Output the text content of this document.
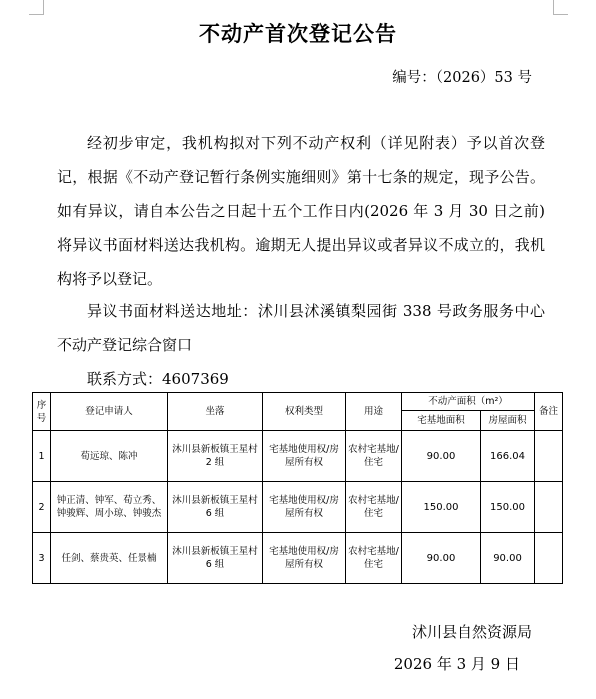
不动产首次登记公告
编号：（2026）53 号

经初步审定，我机构拟对下列不动产权利（详见附表）予以首次登记，根据《不动产登记暂行条例实施细则》第十七条的规定，现予公告。如有异议，请自本公告之日起十五个工作日内(2026 年 3 月 30 日之前)将异议书面材料送达我机构。逾期无人提出异议或者异议不成立的，我机构将予以登记。

异议书面材料送达地址：沭川县沭溪镇梨园街 338 号政务服务中心不动产登记综合窗口

联系方式：4607369

序号	登记申请人	坐落	权利类型	用途	不动产面积（m²）		备注
					宅基地面积	房屋面积	
1	荀远琼、陈冲	沐川县新板镇王星村 2 组	宅基地使用权/房屋所有权	农村宅基地/住宅	90.00	166.04	
2	钟正清、钟军、荀立秀、钟骏辉、周小琼、钟骏杰	沐川县新板镇王星村 6 组	宅基地使用权/房屋所有权	农村宅基地/住宅	150.00	150.00	
3	任剑、蔡贵英、任景楠	沐川县新板镇王星村 6 组	宅基地使用权/房屋所有权	农村宅基地/住宅	90.00	90.00	
沭川县自然资源局
2026 年 3 月 9 日
